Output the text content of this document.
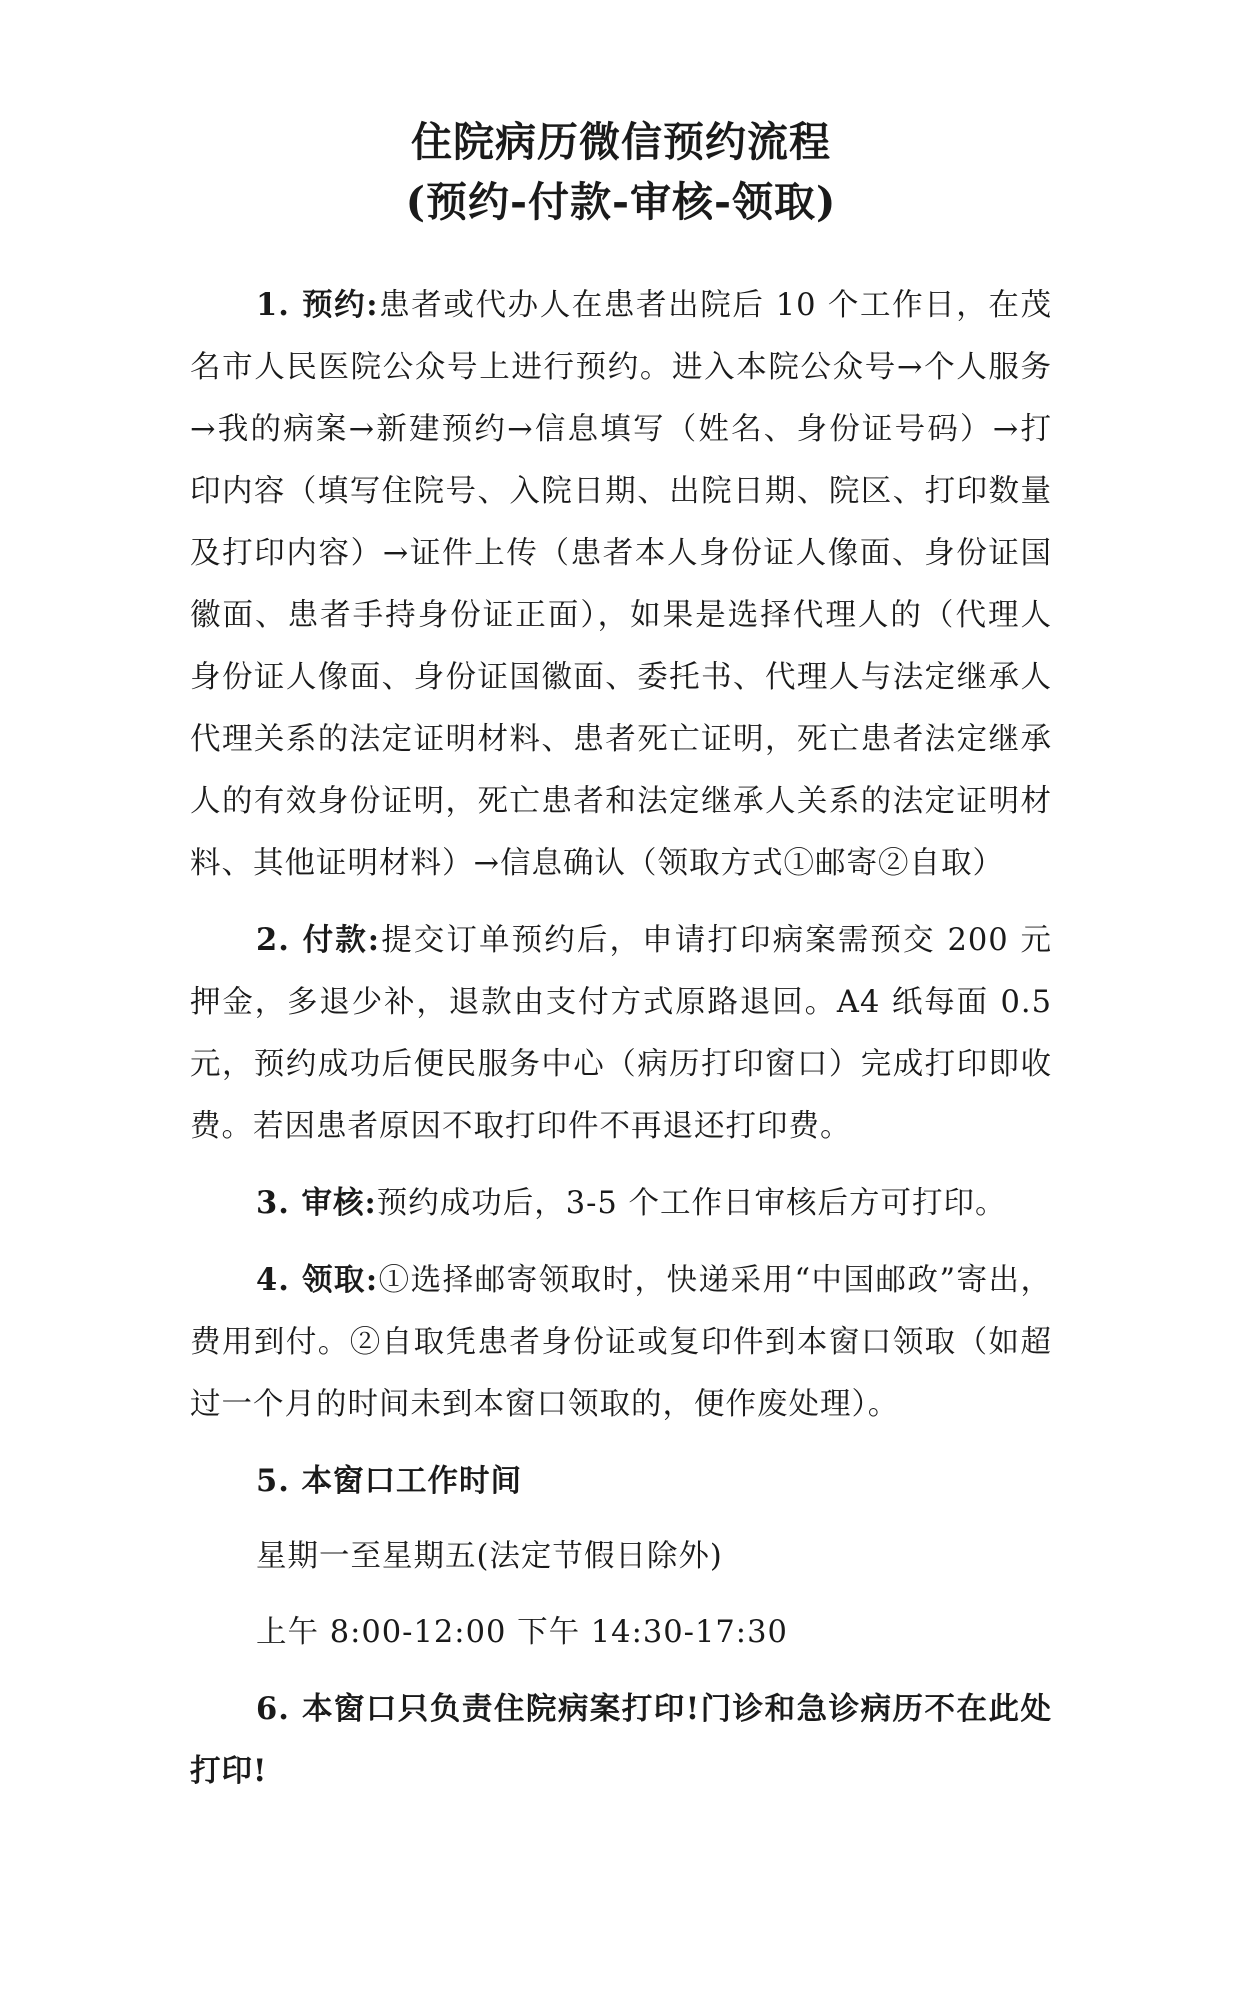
住院病历微信预约流程

(预约-付款-审核-领取)

1. 预约:患者或代办人在患者出院后 10 个工作日，在茂名市人民医院公众号上进行预约。进入本院公众号→个人服务→我的病案→新建预约→信息填写（姓名、身份证号码）→打印内容（填写住院号、入院日期、出院日期、院区、打印数量及打印内容）→证件上传（患者本人身份证人像面、身份证国徽面、患者手持身份证正面），如果是选择代理人的（代理人身份证人像面、身份证国徽面、委托书、代理人与法定继承人代理关系的法定证明材料、患者死亡证明，死亡患者法定继承人的有效身份证明，死亡患者和法定继承人关系的法定证明材料、其他证明材料）→信息确认（领取方式①邮寄②自取）

2. 付款:提交订单预约后，申请打印病案需预交 200 元押金，多退少补，退款由支付方式原路退回。A4 纸每面 0.5 元，预约成功后便民服务中心（病历打印窗口）完成打印即收费。若因患者原因不取打印件不再退还打印费。

3. 审核:预约成功后，3-5 个工作日审核后方可打印。

4. 领取:①选择邮寄领取时，快递采用“中国邮政”寄出，费用到付。②自取凭患者身份证或复印件到本窗口领取（如超过一个月的时间未到本窗口领取的，便作废处理）。

5. 本窗口工作时间

星期一至星期五(法定节假日除外)

上午 8:00-12:00 下午 14:30-17:30

6. 本窗口只负责住院病案打印!门诊和急诊病历不在此处打印!
